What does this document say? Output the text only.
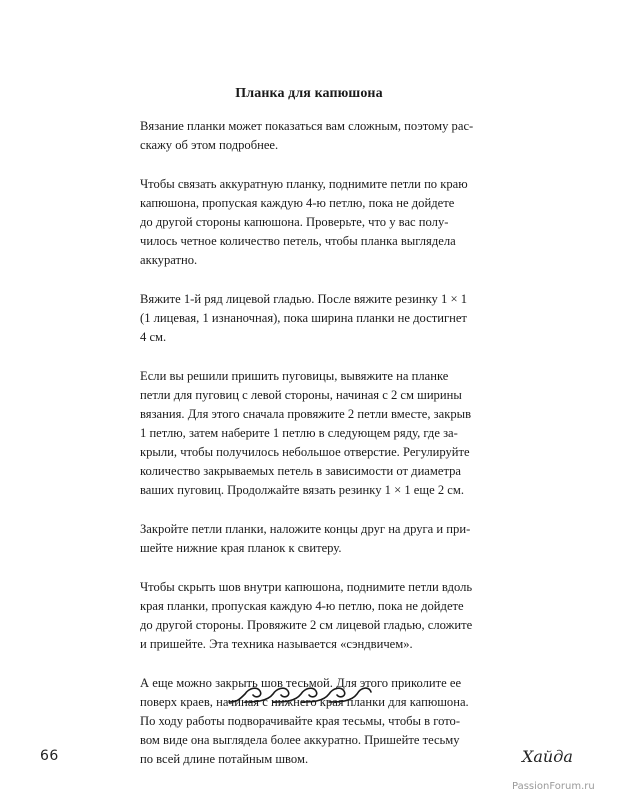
Планка для капюшона
Вязание планки может показаться вам сложным, поэтому рас-
скажу об этом подробнее.
Чтобы связать аккуратную планку, поднимите петли по краю
капюшона, пропуская каждую 4-ю петлю, пока не дойдете
до другой стороны капюшона. Проверьте, что у вас полу-
чилось четное количество петель, чтобы планка выглядела
аккуратно.
Вяжите 1-й ряд лицевой гладью. После вяжите резинку 1 × 1
(1 лицевая, 1 изнаночная), пока ширина планки не достигнет
4 см.
Если вы решили пришить пуговицы, вывяжите на планке
петли для пуговиц с левой стороны, начиная с 2 см ширины
вязания. Для этого сначала провяжите 2 петли вместе, закрыв
1 петлю, затем наберите 1 петлю в следующем ряду, где за-
крыли, чтобы получилось небольшое отверстие. Регулируйте
количество закрываемых петель в зависимости от диаметра
ваших пуговиц. Продолжайте вязать резинку 1 × 1 еще 2 см.
Закройте петли планки, наложите концы друг на друга и при-
шейте нижние края планок к свитеру.
Чтобы скрыть шов внутри капюшона, поднимите петли вдоль
края планки, пропуская каждую 4-ю петлю, пока не дойдете
до другой стороны. Провяжите 2 см лицевой гладью, сложите
и пришейте. Эта техника называется «сэндвичем».
А еще можно закрыть шов тесьмой. Для этого приколите ее
поверх краев, начиная с нижнего края планки для капюшона.
По ходу работы подворачивайте края тесьмы, чтобы в гото-
вом виде она выглядела более аккуратно. Пришейте тесьму
по всей длине потайным швом.
66	Хайда
PassionForum.ru
